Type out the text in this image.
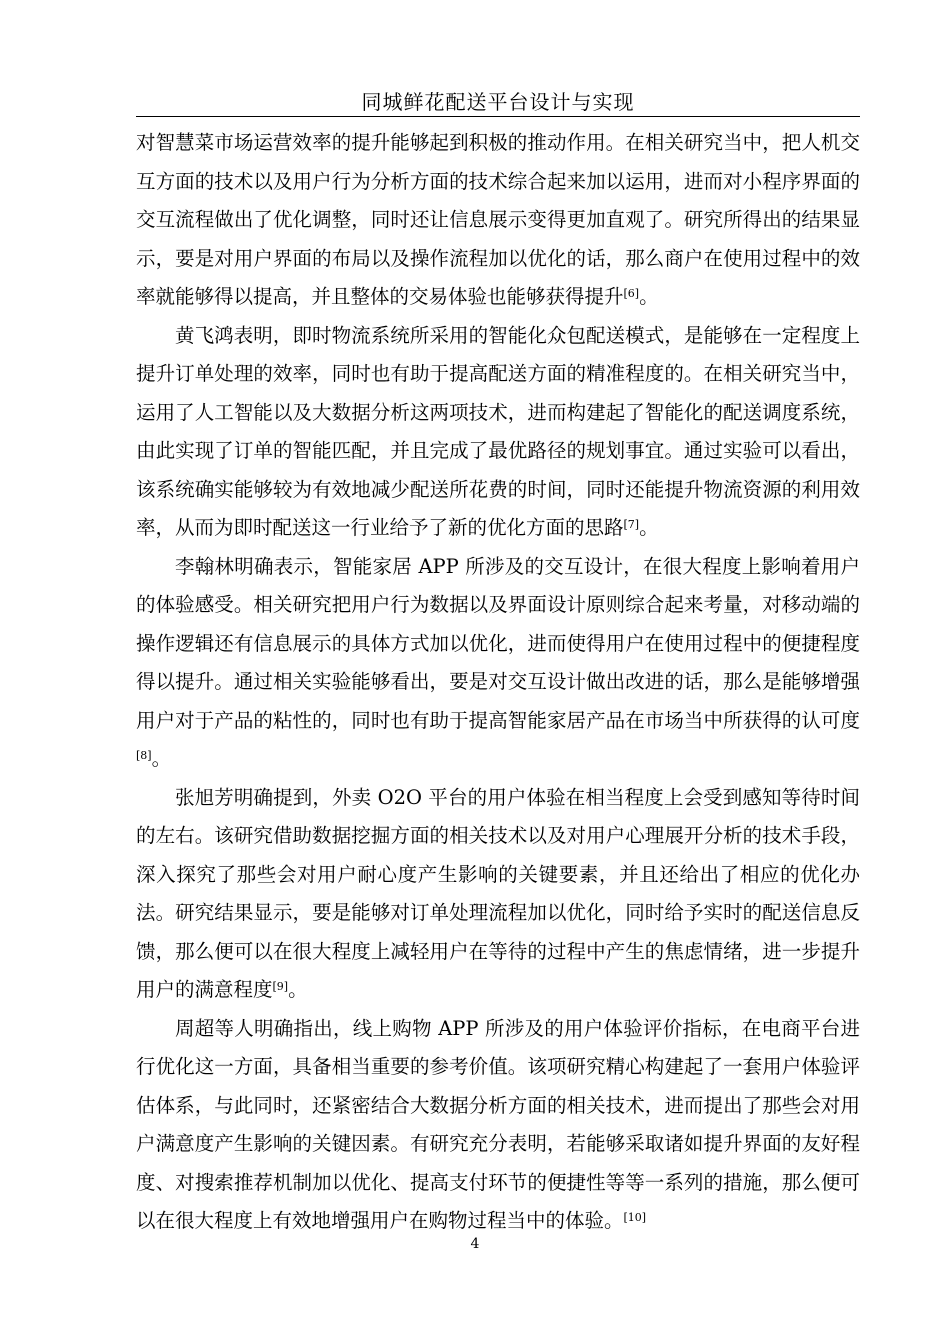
同城鲜花配送平台设计与实现

对智慧菜市场运营效率的提升能够起到积极的推动作用。在相关研究当中，把人机交互方面的技术以及用户行为分析方面的技术综合起来加以运用，进而对小程序界面的交互流程做出了优化调整，同时还让信息展示变得更加直观了。研究所得出的结果显示，要是对用户界面的布局以及操作流程加以优化的话，那么商户在使用过程中的效率就能够得以提高，并且整体的交易体验也能够获得提升[6]。

黄飞鸿表明，即时物流系统所采用的智能化众包配送模式，是能够在一定程度上提升订单处理的效率，同时也有助于提高配送方面的精准程度的。在相关研究当中，运用了人工智能以及大数据分析这两项技术，进而构建起了智能化的配送调度系统，由此实现了订单的智能匹配，并且完成了最优路径的规划事宜。通过实验可以看出，该系统确实能够较为有效地减少配送所花费的时间，同时还能提升物流资源的利用效率，从而为即时配送这一行业给予了新的优化方面的思路[7]。

李翰林明确表示，智能家居 APP 所涉及的交互设计，在很大程度上影响着用户的体验感受。相关研究把用户行为数据以及界面设计原则综合起来考量，对移动端的操作逻辑还有信息展示的具体方式加以优化，进而使得用户在使用过程中的便捷程度得以提升。通过相关实验能够看出，要是对交互设计做出改进的话，那么是能够增强用户对于产品的粘性的，同时也有助于提高智能家居产品在市场当中所获得的认可度[8]。

张旭芳明确提到，外卖 O2O 平台的用户体验在相当程度上会受到感知等待时间的左右。该研究借助数据挖掘方面的相关技术以及对用户心理展开分析的技术手段，深入探究了那些会对用户耐心度产生影响的关键要素，并且还给出了相应的优化办法。研究结果显示，要是能够对订单处理流程加以优化，同时给予实时的配送信息反馈，那么便可以在很大程度上减轻用户在等待的过程中产生的焦虑情绪，进一步提升用户的满意程度[9]。

周超等人明确指出，线上购物 APP 所涉及的用户体验评价指标，在电商平台进行优化这一方面，具备相当重要的参考价值。该项研究精心构建起了一套用户体验评估体系，与此同时，还紧密结合大数据分析方面的相关技术，进而提出了那些会对用户满意度产生影响的关键因素。有研究充分表明，若能够采取诸如提升界面的友好程度、对搜索推荐机制加以优化、提高支付环节的便捷性等等一系列的措施，那么便可以在很大程度上有效地增强用户在购物过程当中的体验。[10]

4
